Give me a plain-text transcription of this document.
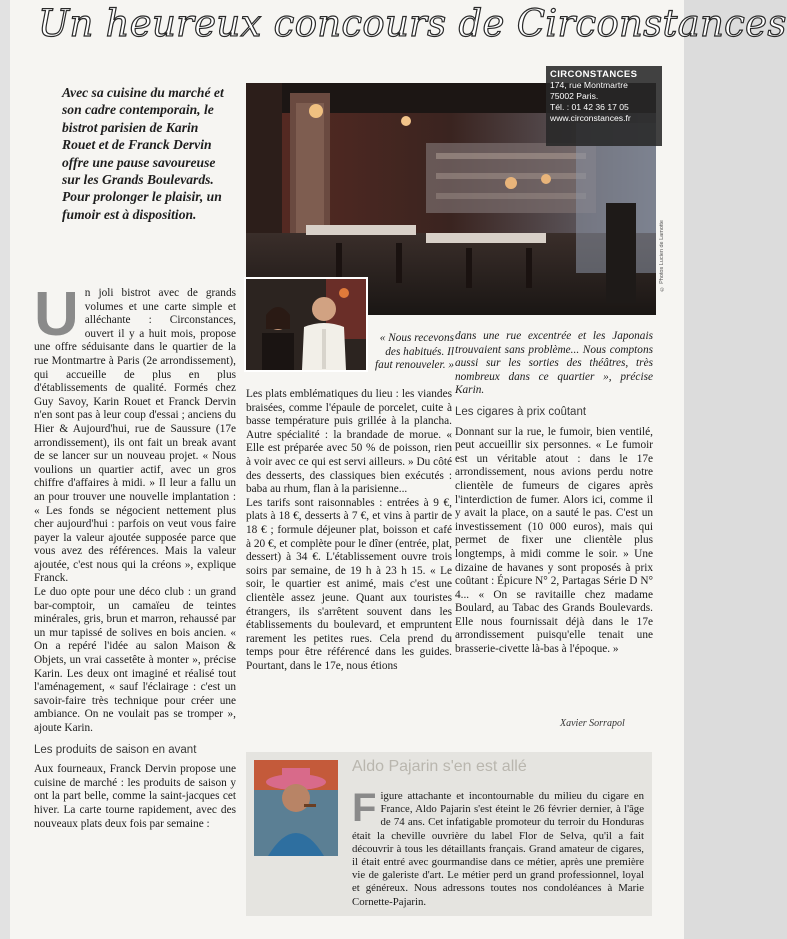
Un heureux concours de Circonstances

Avec sa cuisine du marché et son cadre contemporain, le bistrot parisien de Karin Rouet et de Franck Dervin offre une pause savoureuse sur les Grands Boulevards. Pour prolonger le plaisir, un fumoir est à disposition.

CIRCONSTANCES
174, rue Montmartre
75002 Paris.
Tél. : 01 42 36 17 05
www.circonstances.fr
© Photos Lucien de Lamotte
U n joli bistrot avec de grands volumes et une carte simple et alléchante : Circonstances, ouvert il y a huit mois, propose une offre séduisante dans le quartier de la rue Montmartre à Paris (2e arrondissement), qui accueille de plus en plus d'établissements de qualité. Formés chez Guy Savoy, Karin Rouet et Franck Dervin n'en sont pas à leur coup d'essai ; anciens du Hier & Aujourd'hui, rue de Saussure (17e arrondissement), ils ont fait un break avant de se lancer sur un nouveau projet. « Nous voulions un quartier actif, avec un gros chiffre d'affaires à midi. » Il leur a fallu un an pour trouver une nouvelle implantation : « Les fonds se négocient nettement plus cher aujourd'hui : parfois on veut vous faire payer la valeur ajoutée supposée parce que vous avez des références. Mais la valeur ajoutée, c'est nous qui la créons », explique Franck.

Le duo opte pour une déco club : un grand bar-comptoir, un camaïeu de teintes minérales, gris, brun et marron, rehaussé par un mur tapissé de solives en bois ancien. « On a repéré l'idée au salon Maison & Objets, un vrai cassetête à monter », précise Karin. Les deux ont imaginé et réalisé tout l'aménagement, « sauf l'éclairage : c'est un savoir-faire très technique pour créer une ambiance. On ne voulait pas se tromper », ajoute Karin.

Les produits de saison en avant

Aux fourneaux, Franck Dervin propose une cuisine de marché : les produits de saison y ont la part belle, comme la saint-jacques cet hiver. La carte tourne rapidement, avec des nouveaux plats deux fois par semaine :

« Nous recevons des habitués. Il faut renouveler. »

Les plats emblématiques du lieu : les viandes braisées, comme l'épaule de porcelet, cuite à basse température puis grillée à la plancha. Autre spécialité : la brandade de morue. « Elle est préparée avec 50 % de poisson, rien à voir avec ce qui est servi ailleurs. » Du côté des desserts, des classiques bien exécutés : baba au rhum, flan à la parisienne...

Les tarifs sont raisonnables : entrées à 9 €, plats à 18 €, desserts à 7 €, et vins à partir de 18 € ; formule déjeuner plat, boisson et café à 20 €, et complète pour le dîner (entrée, plat, dessert) à 34 €. L'établissement ouvre trois soirs par semaine, de 19 h à 23 h 15. « Le soir, le quartier est animé, mais c'est une clientèle assez jeune. Quant aux touristes étrangers, ils s'arrêtent souvent dans les établissements du boulevard, et empruntent rarement les petites rues. Cela prend du temps pour être référencé dans les guides. Pourtant, dans le 17e, nous étions

dans une rue excentrée et les Japonais trouvaient sans problème... Nous comptons aussi sur les sorties des théâtres, très nombreux dans ce quartier », précise Karin.

Les cigares à prix coûtant

Donnant sur la rue, le fumoir, bien ventilé, peut accueillir six personnes. « Le fumoir est un véritable atout : dans le 17e arrondissement, nous avions perdu notre clientèle de fumeurs de cigares après l'interdiction de fumer. Alors ici, comme il y avait la place, on a sauté le pas. C'est un investissement (10 000 euros), mais qui permet de fixer une clientèle plus longtemps, à midi comme le soir. » Une dizaine de havanes y sont proposés à prix coûtant : Épicure N° 2, Partagas Série D N° 4... « On se ravitaille chez madame Boulard, au Tabac des Grands Boulevards. Elle nous fournissait déjà dans le 17e arrondissement puisqu'elle tenait une brasserie-civette là-bas à l'époque. »

Xavier Sorrapol
Aldo Pajarin s'en est allé
F igure attachante et incontournable du milieu du cigare en France, Aldo Pajarin s'est éteint le 26 février dernier, à l'âge de 74 ans. Cet infatigable promoteur du terroir du Honduras était la cheville ouvrière du label Flor de Selva, qu'il a fait découvrir à tous les détaillants français. Grand amateur de cigares, il était entré avec gourmandise dans ce métier, après une première vie de galeriste d'art. Le métier perd un grand professionnel, loyal et généreux. Nous adressons toutes nos condoléances à Marie Cornette-Pajarin.
